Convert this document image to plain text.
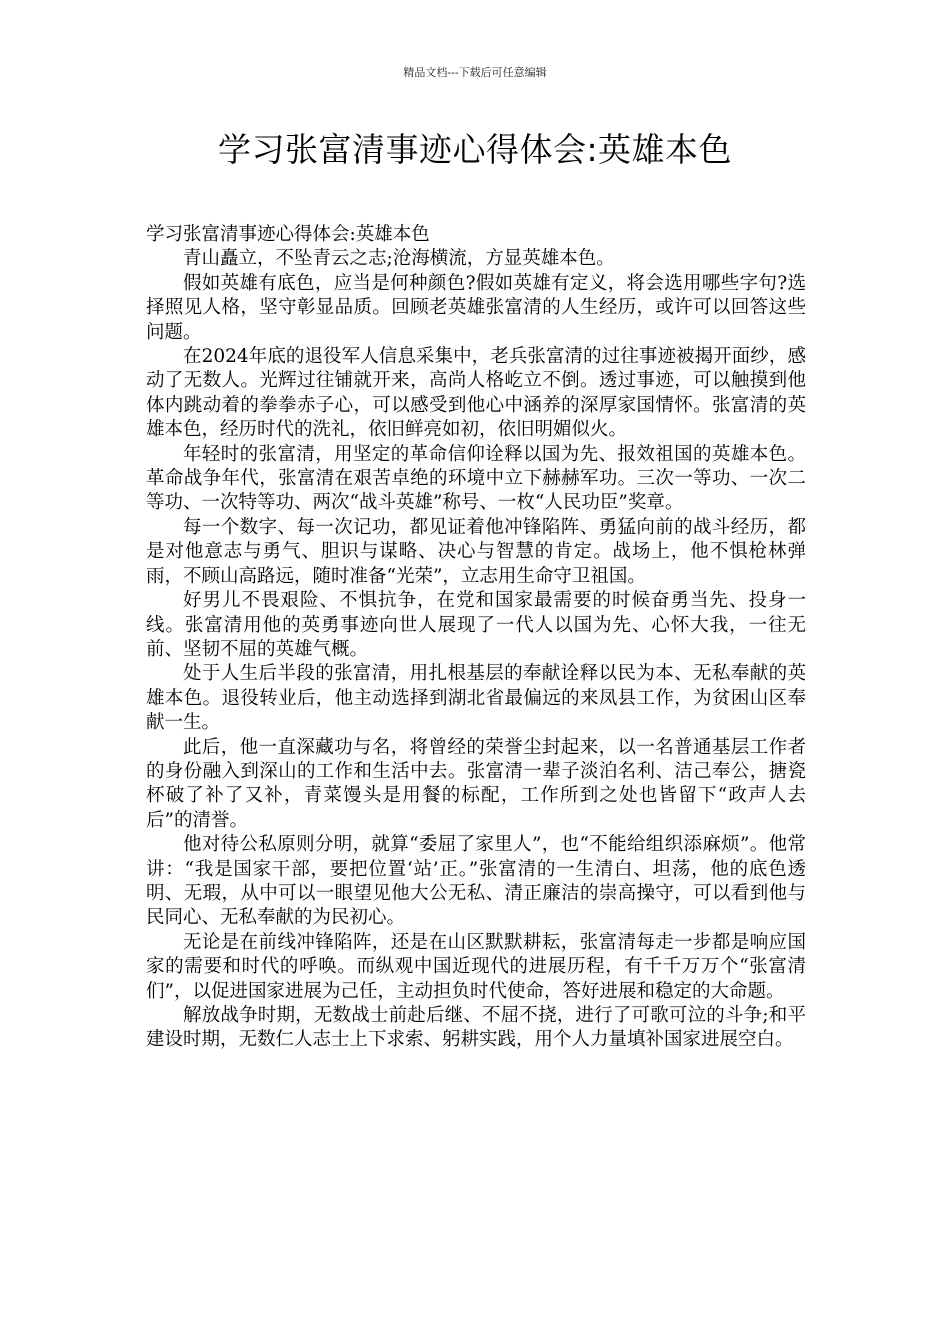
精品文档---下载后可任意编辑
学习张富清事迹心得体会:英雄本色

学习张富清事迹心得体会:英雄本色

青山矗立，不坠青云之志;沧海横流，方显英雄本色。

假如英雄有底色，应当是何种颜色?假如英雄有定义，将会选用哪些字句?选择照见人格，坚守彰显品质。回顾老英雄张富清的人生经历，或许可以回答这些问题。

在2024年底的退役军人信息采集中，老兵张富清的过往事迹被揭开面纱，感动了无数人。光辉过往铺就开来，高尚人格屹立不倒。透过事迹，可以触摸到他体内跳动着的拳拳赤子心，可以感受到他心中涵养的深厚家国情怀。张富清的英雄本色，经历时代的洗礼，依旧鲜亮如初，依旧明媚似火。

年轻时的张富清，用坚定的革命信仰诠释以国为先、报效祖国的英雄本色。革命战争年代，张富清在艰苦卓绝的环境中立下赫赫军功。三次一等功、一次二等功、一次特等功、两次“战斗英雄”称号、一枚“人民功臣”奖章。

每一个数字、每一次记功，都见证着他冲锋陷阵、勇猛向前的战斗经历，都是对他意志与勇气、胆识与谋略、决心与智慧的肯定。战场上，他不惧枪林弹雨，不顾山高路远，随时准备“光荣”，立志用生命守卫祖国。

好男儿不畏艰险、不惧抗争，在党和国家最需要的时候奋勇当先、投身一线。张富清用他的英勇事迹向世人展现了一代人以国为先、心怀大我，一往无前、坚韧不屈的英雄气概。

处于人生后半段的张富清，用扎根基层的奉献诠释以民为本、无私奉献的英雄本色。退役转业后，他主动选择到湖北省最偏远的来凤县工作，为贫困山区奉献一生。

此后，他一直深藏功与名，将曾经的荣誉尘封起来，以一名普通基层工作者的身份融入到深山的工作和生活中去。张富清一辈子淡泊名利、洁己奉公，搪瓷杯破了补了又补，青菜馒头是用餐的标配，工作所到之处也皆留下“政声人去后”的清誉。

他对待公私原则分明，就算“委屈了家里人”，也“不能给组织添麻烦”。他常讲：“我是国家干部，要把位置‘站’正。”张富清的一生清白、坦荡，他的底色透明、无瑕，从中可以一眼望见他大公无私、清正廉洁的崇高操守，可以看到他与民同心、无私奉献的为民初心。

无论是在前线冲锋陷阵，还是在山区默默耕耘，张富清每走一步都是响应国家的需要和时代的呼唤。而纵观中国近现代的进展历程，有千千万万个“张富清们”，以促进国家进展为己任，主动担负时代使命，答好进展和稳定的大命题。

解放战争时期，无数战士前赴后继、不屈不挠，进行了可歌可泣的斗争;和平建设时期，无数仁人志士上下求索、躬耕实践，用个人力量填补国家进展空白。
